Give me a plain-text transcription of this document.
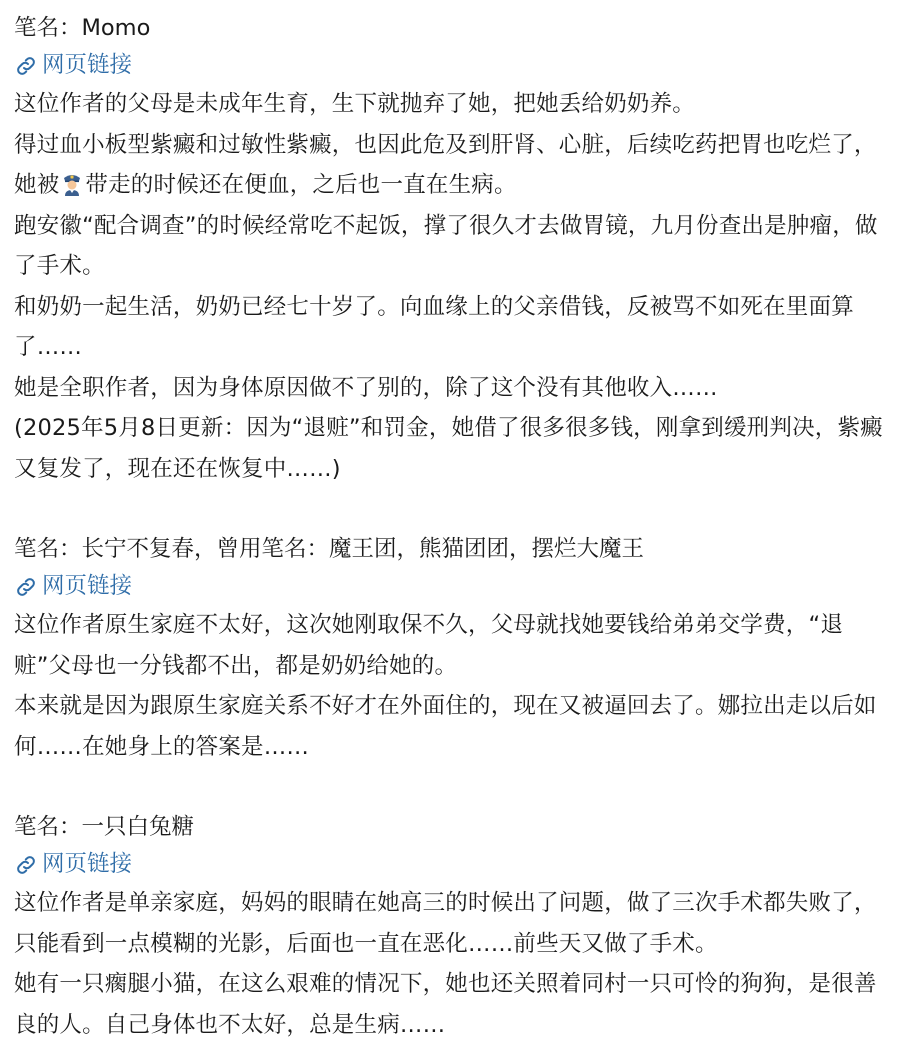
笔名：Momo
网页链接

这位作者的父母是未成年生育，生下就抛弃了她，把她丢给奶奶养。

得过血小板型紫癜和过敏性紫癜，也因此危及到肝肾、心脏，后续吃药把胃也吃烂了，她被 带走的时候还在便血，之后也一直在生病。

跑安徽“配合调查”的时候经常吃不起饭，撑了很久才去做胃镜，九月份查出是肿瘤，做了手术。

和奶奶一起生活，奶奶已经七十岁了。向血缘上的父亲借钱，反被骂不如死在里面算了……

她是全职作者，因为身体原因做不了别的，除了这个没有其他收入……

(2025年5月8日更新：因为“退赃”和罚金，她借了很多很多钱，刚拿到缓刑判决，紫癜又复发了，现在还在恢复中……)

笔名：长宁不复春，曾用笔名：魔王团，熊猫团团，摆烂大魔王
网页链接

这位作者原生家庭不太好，这次她刚取保不久，父母就找她要钱给弟弟交学费，“退赃”父母也一分钱都不出，都是奶奶给她的。

本来就是因为跟原生家庭关系不好才在外面住的，现在又被逼回去了。娜拉出走以后如何……在她身上的答案是……

笔名：一只白兔糖
网页链接

这位作者是单亲家庭，妈妈的眼睛在她高三的时候出了问题，做了三次手术都失败了，只能看到一点模糊的光影，后面也一直在恶化……前些天又做了手术。

她有一只瘸腿小猫，在这么艰难的情况下，她也还关照着同村一只可怜的狗狗，是很善良的人。自己身体也不太好，总是生病……
